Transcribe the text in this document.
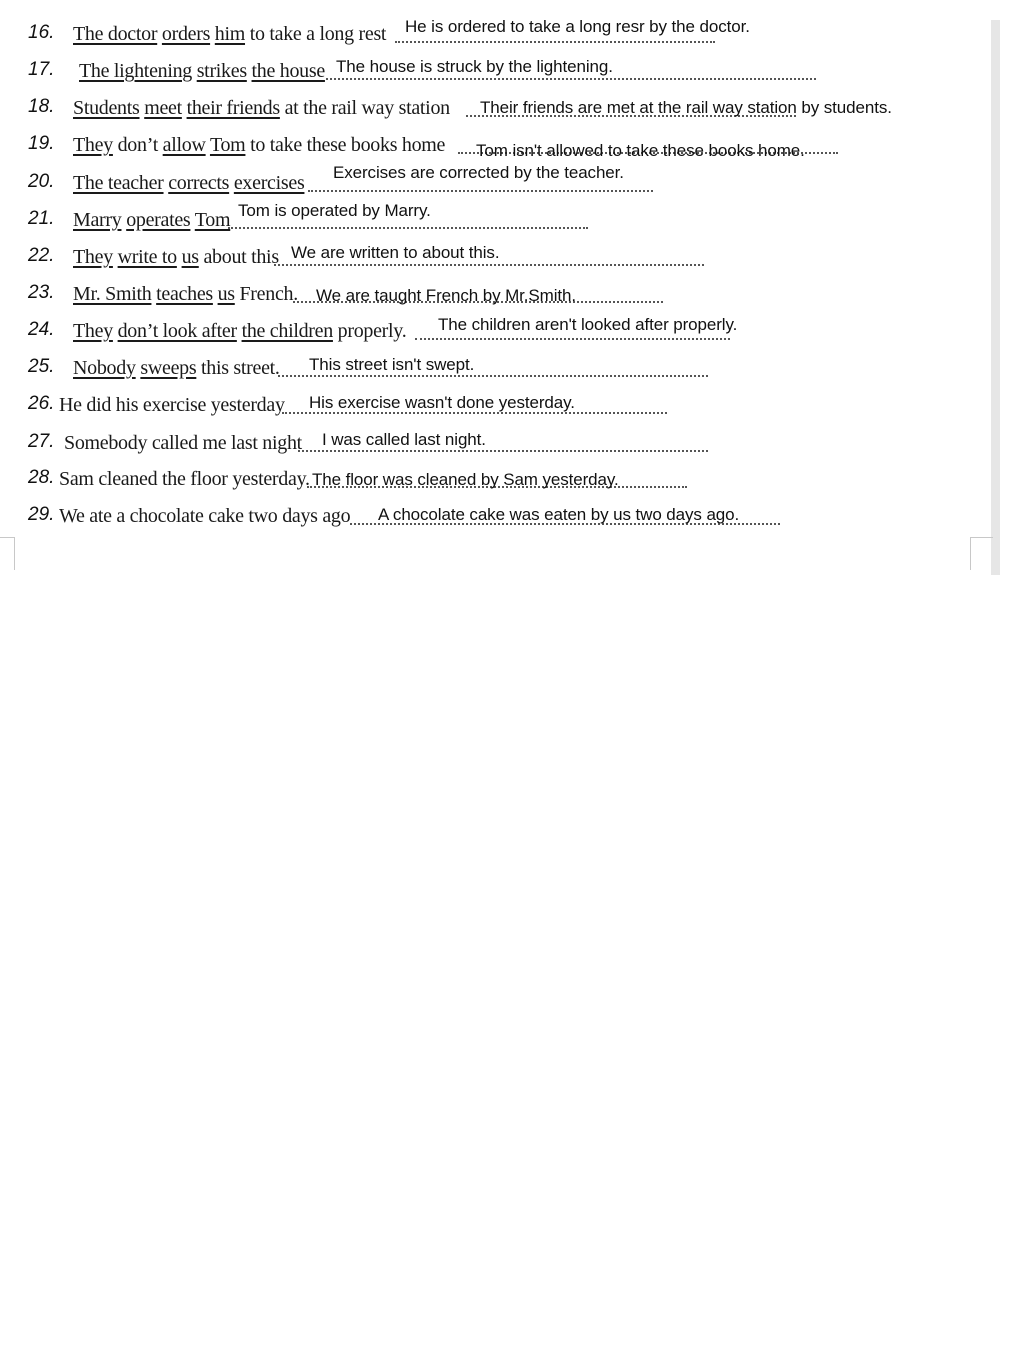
16. The doctor orders him to take a long rest He is ordered to take a long resr by the doctor.
17. The lightening strikes the house The house is struck by the lightening.
18. Students meet their friends at the rail way station Their friends are met at the rail way station by students.
19. They don’t allow Tom to take these books home Tom isn't allowed to take these books home.
20. The teacher corrects exercises Exercises are corrected by the teacher.
21. Marry operates Tom Tom is operated by Marry.
22. They write to us about this We are written to about this.
23. Mr. Smith teaches us French. We are taught French by Mr.Smith.
24. They don’t look after the children properly. The children aren't looked after properly.
25. Nobody sweeps this street. This street isn't swept.
26. He did his exercise yesterday His exercise wasn't done yesterday.
27. Somebody called me last night I was called last night.
28. Sam cleaned the floor yesterday. The floor was cleaned by Sam yesterday.
29. We ate a chocolate cake two days ago A chocolate cake was eaten by us two days ago.
